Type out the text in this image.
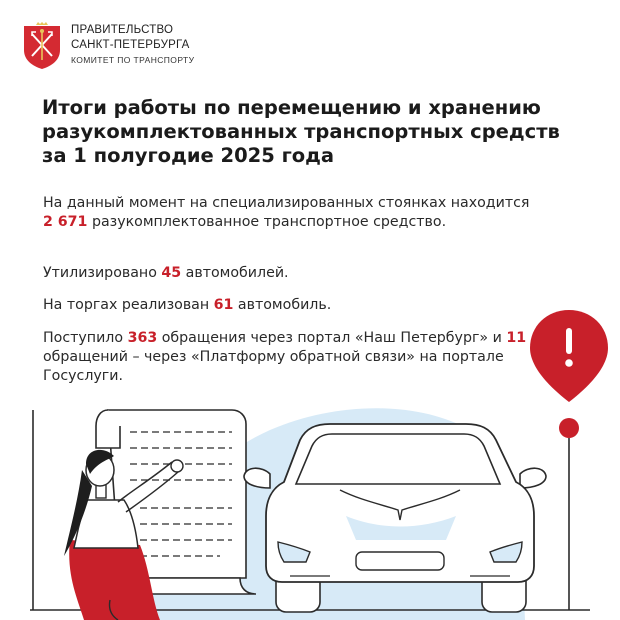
ПРАВИТЕЛЬСТВО
САНКТ-ПЕТЕРБУРГА
КОМИТЕТ ПО ТРАНСПОРТУ
Итоги работы по перемещению и хранению разукомплектованных транспортных средств за 1 полугодие 2025 года

На данный момент на специализированных стоянках находится 2 671 разукомплектованное транспортное средство.

Утилизировано 45 автомобилей.

На торгах реализован 61 автомобиль.

Поступило 363 обращения через портал «Наш Петербург» и 11 обращений – через «Платформу обратной связи» на портале Госуслуги.
